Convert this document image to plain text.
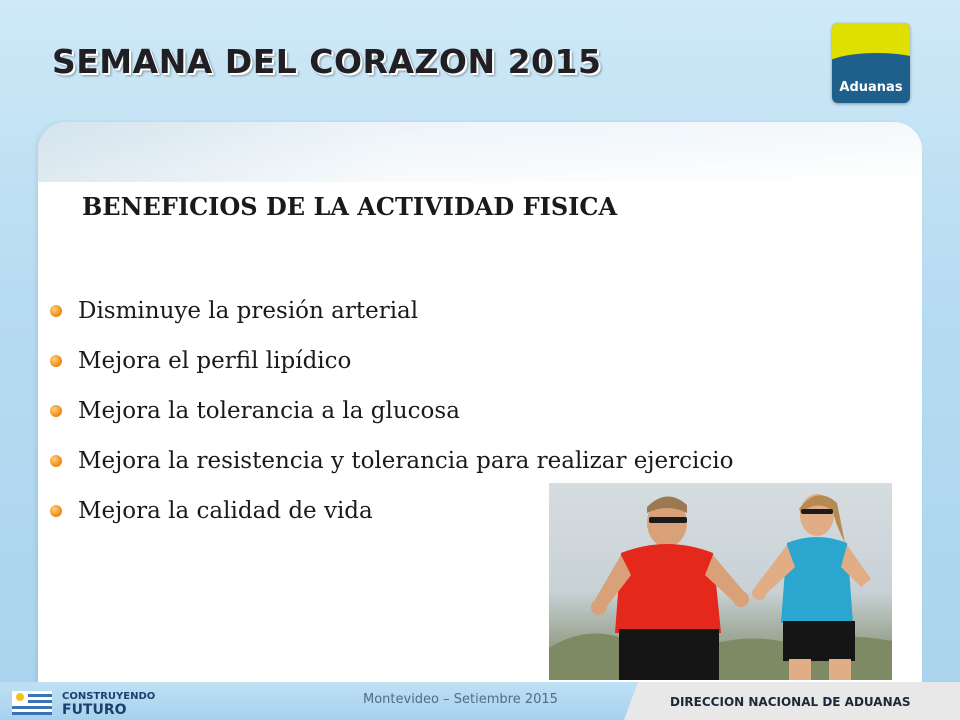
SEMANA DEL CORAZON 2015
Aduanas
BENEFICIOS DE LA ACTIVIDAD FISICA
Disminuye la presión arterial
Mejora el perfil lipídico
Mejora la tolerancia a la glucosa
Mejora la resistencia y tolerancia para realizar ejercicio
Mejora la calidad de vida
CONSTRUYENDO
FUTURO
Montevideo – Setiembre 2015	DIRECCION NACIONAL DE ADUANAS
